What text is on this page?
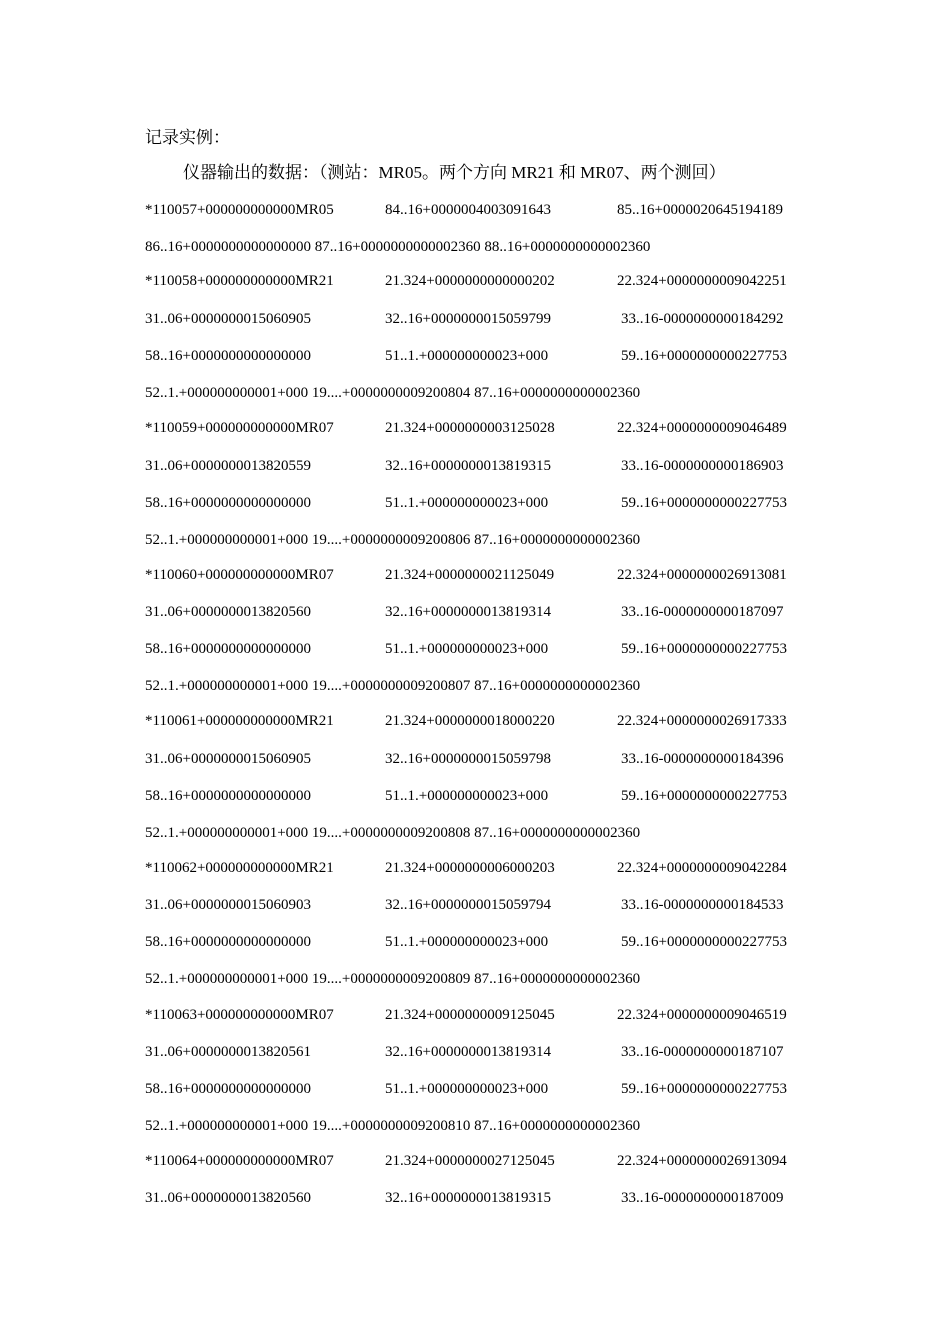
记录实例：
仪器输出的数据：（测站：MR05。两个方向 MR21 和 MR07、两个测回）
*110057+000000000000MR05	84..16+0000004003091643	85..16+0000020645194189
86..16+0000000000000000 87..16+0000000000002360 88..16+0000000000002360
*110058+000000000000MR21	21.324+0000000000000202	22.324+0000000009042251
31..06+0000000015060905	32..16+0000000015059799	33..16-0000000000184292
58..16+0000000000000000	51..1.+000000000023+000	59..16+0000000000227753
52..1.+000000000001+000 19....+0000000009200804 87..16+0000000000002360
*110059+000000000000MR07	21.324+0000000003125028	22.324+0000000009046489
31..06+0000000013820559	32..16+0000000013819315	33..16-0000000000186903
58..16+0000000000000000	51..1.+000000000023+000	59..16+0000000000227753
52..1.+000000000001+000 19....+0000000009200806 87..16+0000000000002360
*110060+000000000000MR07	21.324+0000000021125049	22.324+0000000026913081
31..06+0000000013820560	32..16+0000000013819314	33..16-0000000000187097
58..16+0000000000000000	51..1.+000000000023+000	59..16+0000000000227753
52..1.+000000000001+000 19....+0000000009200807 87..16+0000000000002360
*110061+000000000000MR21	21.324+0000000018000220	22.324+0000000026917333
31..06+0000000015060905	32..16+0000000015059798	33..16-0000000000184396
58..16+0000000000000000	51..1.+000000000023+000	59..16+0000000000227753
52..1.+000000000001+000 19....+0000000009200808 87..16+0000000000002360
*110062+000000000000MR21	21.324+0000000006000203	22.324+0000000009042284
31..06+0000000015060903	32..16+0000000015059794	33..16-0000000000184533
58..16+0000000000000000	51..1.+000000000023+000	59..16+0000000000227753
52..1.+000000000001+000 19....+0000000009200809 87..16+0000000000002360
*110063+000000000000MR07	21.324+0000000009125045	22.324+0000000009046519
31..06+0000000013820561	32..16+0000000013819314	33..16-0000000000187107
58..16+0000000000000000	51..1.+000000000023+000	59..16+0000000000227753
52..1.+000000000001+000 19....+0000000009200810 87..16+0000000000002360
*110064+000000000000MR07	21.324+0000000027125045	22.324+0000000026913094
31..06+0000000013820560	32..16+0000000013819315	33..16-0000000000187009
